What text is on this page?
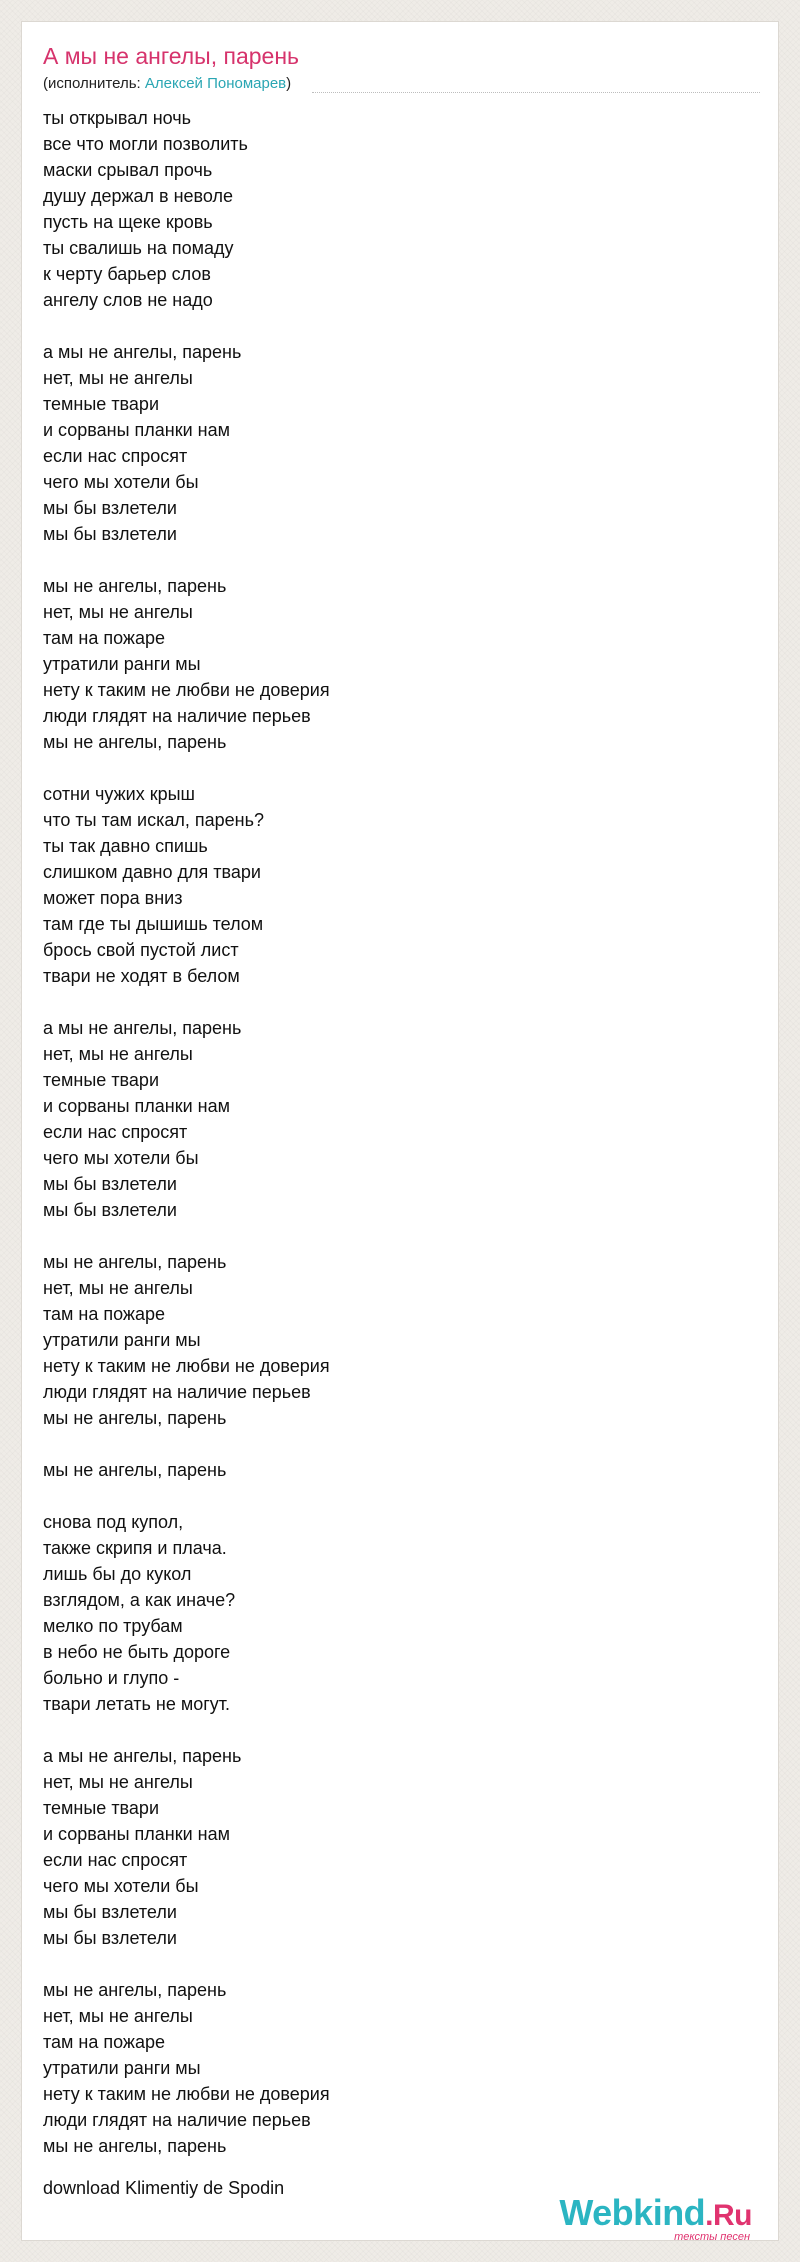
А мы не ангелы, парень
(исполнитель: Алексей Пономарев)
ты открывал ночь
все что могли позволить
маски срывал прочь
душу держал в неволе
пусть на щеке кровь
ты свалишь на помаду
к черту барьер слов
ангелу слов не надо
а мы не ангелы, парень
нет, мы не ангелы
темные твари
и сорваны планки нам
если нас спросят
чего мы хотели бы
мы бы взлетели
мы бы взлетели
мы не ангелы, парень
нет, мы не ангелы
там на пожаре
утратили ранги мы
нету к таким не любви не доверия
люди глядят на наличие перьев
мы не ангелы, парень
сотни чужих крыш
что ты там искал, парень?
ты так давно спишь
слишком давно для твари
может пора вниз
там где ты дышишь телом
брось свой пустой лист
твари не ходят в белом
а мы не ангелы, парень
нет, мы не ангелы
темные твари
и сорваны планки нам
если нас спросят
чего мы хотели бы
мы бы взлетели
мы бы взлетели
мы не ангелы, парень
нет, мы не ангелы
там на пожаре
утратили ранги мы
нету к таким не любви не доверия
люди глядят на наличие перьев
мы не ангелы, парень
мы не ангелы, парень
снова под купол,
также скрипя и плача.
лишь бы до кукол
взглядом, а как иначе?
мелко по трубам
в небо не быть дороге
больно и глупо -
твари летать не могут.
а мы не ангелы, парень
нет, мы не ангелы
темные твари
и сорваны планки нам
если нас спросят
чего мы хотели бы
мы бы взлетели
мы бы взлетели
мы не ангелы, парень
нет, мы не ангелы
там на пожаре
утратили ранги мы
нету к таким не любви не доверия
люди глядят на наличие перьев
мы не ангелы, парень
download Klimentiy de Spodin
Webkind.Ru
тексты песен
